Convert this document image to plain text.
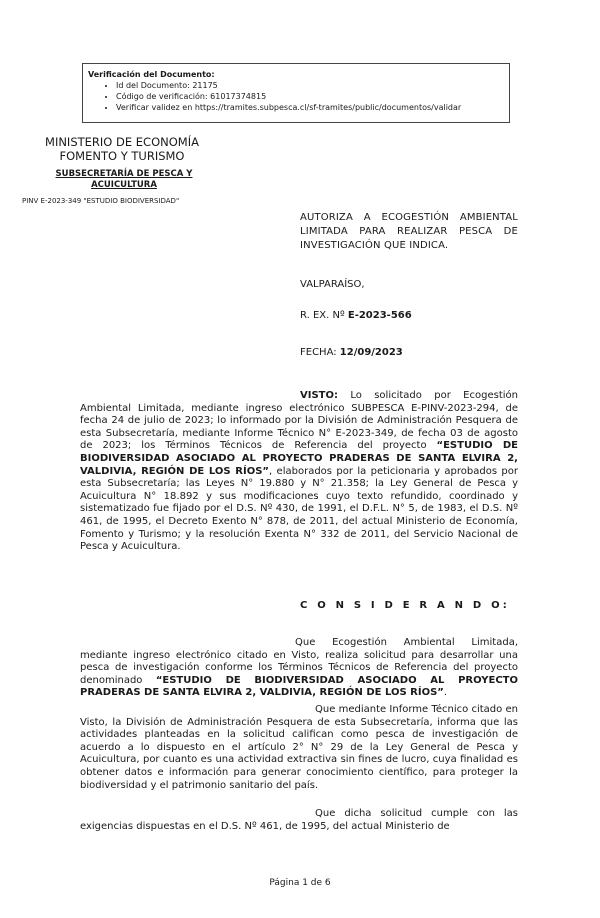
Verificación del Documento:
• Id del Documento: 21175
• Código de verificación: 61017374815
• Verificar validez en https://tramites.subpesca.cl/sf-tramites/public/documentos/validar
MINISTERIO DE ECONOMÍA
FOMENTO Y TURISMO
SUBSECRETARÍA DE PESCA Y
ACUICULTURA
PINV E-2023-349 "ESTUDIO BIODIVERSIDAD"
AUTORIZA A ECOGESTIÓN AMBIENTAL LIMITADA PARA REALIZAR PESCA DE INVESTIGACIÓN QUE INDICA.
VALPARAÍSO,
R. EX. Nº E-2023-566
FECHA: 12/09/2023
VISTO: Lo solicitado por Ecogestión Ambiental Limitada, mediante ingreso electrónico SUBPESCA E-PINV-2023-294, de fecha 24 de julio de 2023; lo informado por la División de Administración Pesquera de esta Subsecretaría, mediante Informe Técnico N° E-2023-349, de fecha 03 de agosto de 2023; los Términos Técnicos de Referencia del proyecto “ESTUDIO DE BIODIVERSIDAD ASOCIADO AL PROYECTO PRADERAS DE SANTA ELVIRA 2, VALDIVIA, REGIÓN DE LOS RÍOS”, elaborados por la peticionaria y aprobados por esta Subsecretaría; las Leyes N° 19.880 y N° 21.358; la Ley General de Pesca y Acuicultura N° 18.892 y sus modificaciones cuyo texto refundido, coordinado y sistematizado fue fijado por el D.S. Nº 430, de 1991, el D.F.L. N° 5, de 1983, el D.S. Nº 461, de 1995, el Decreto Exento N° 878, de 2011, del actual Ministerio de Economía, Fomento y Turismo; y la resolución Exenta N° 332 de 2011, del Servicio Nacional de Pesca y Acuicultura.
C O N S I D E R A N D O:
Que Ecogestión Ambiental Limitada, mediante ingreso electrónico citado en Visto, realiza solicitud para desarrollar una pesca de investigación conforme los Términos Técnicos de Referencia del proyecto denominado “ESTUDIO DE BIODIVERSIDAD ASOCIADO AL PROYECTO PRADERAS DE SANTA ELVIRA 2, VALDIVIA, REGIÓN DE LOS RÍOS”.
Que mediante Informe Técnico citado en Visto, la División de Administración Pesquera de esta Subsecretaría, informa que las actividades planteadas en la solicitud califican como pesca de investigación de acuerdo a lo dispuesto en el artículo 2° N° 29 de la Ley General de Pesca y Acuicultura, por cuanto es una actividad extractiva sin fines de lucro, cuya finalidad es obtener datos e información para generar conocimiento científico, para proteger la biodiversidad y el patrimonio sanitario del país.
Que dicha solicitud cumple con las exigencias dispuestas en el D.S. Nº 461, de 1995, del actual Ministerio de
Página 1 de 6
